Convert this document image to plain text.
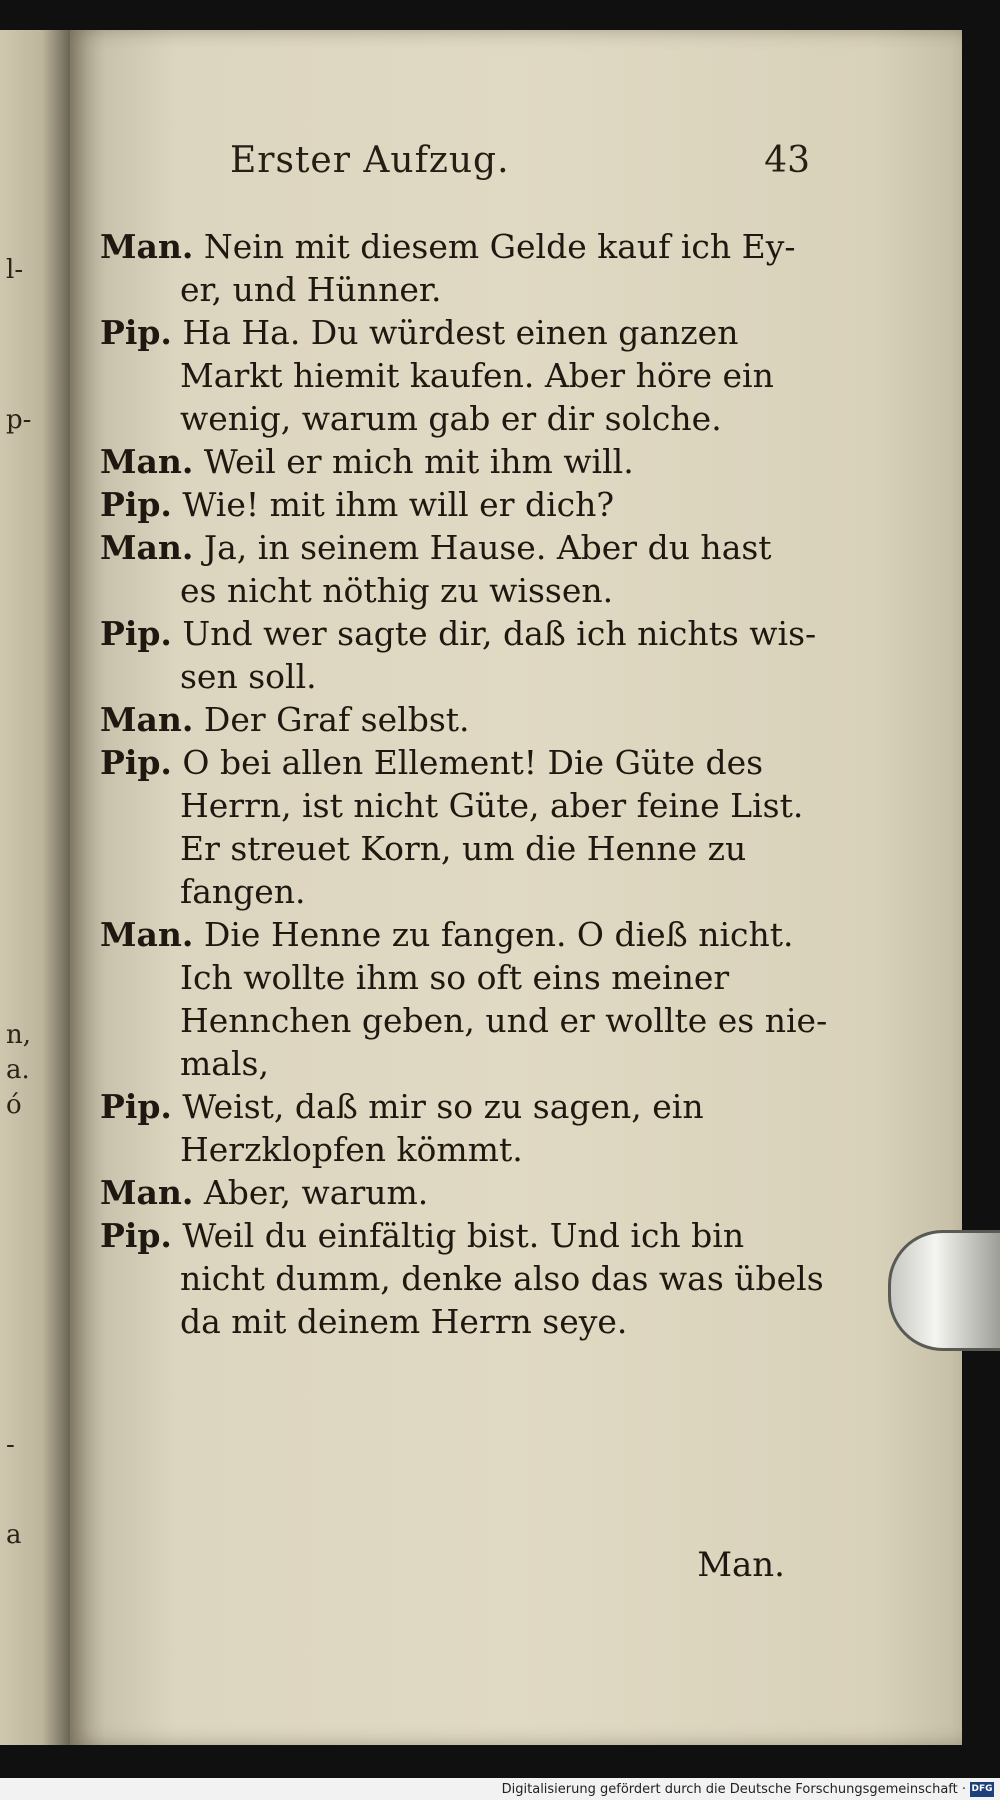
l-
p-
n,
a.
ó
-
a
Erster Aufzug.	43
Man. Nein mit diesem Gelde kauf ich Ey-
er, und Hünner.
Pip. Ha Ha. Du würdest einen ganzen
Markt hiemit kaufen. Aber höre ein
wenig, warum gab er dir solche.
Man. Weil er mich mit ihm will.
Pip. Wie! mit ihm will er dich?
Man. Ja, in seinem Hause. Aber du hast
es nicht nöthig zu wissen.
Pip. Und wer sagte dir, daß ich nichts wis-
sen soll.
Man. Der Graf selbst.
Pip. O bei allen Ellement! Die Güte des
Herrn, ist nicht Güte, aber feine List.
Er streuet Korn, um die Henne zu
fangen.
Man. Die Henne zu fangen. O dieß nicht.
Ich wollte ihm so oft eins meiner
Hennchen geben, und er wollte es nie-
mals,
Pip. Weist, daß mir so zu sagen, ein
Herzklopfen kömmt.
Man. Aber, warum.
Pip. Weil du einfältig bist. Und ich bin
nicht dumm, denke also das was übels
da mit deinem Herrn seye.
Man.
Digitalisierung gefördert durch die Deutsche Forschungsgemeinschaft · DFG
